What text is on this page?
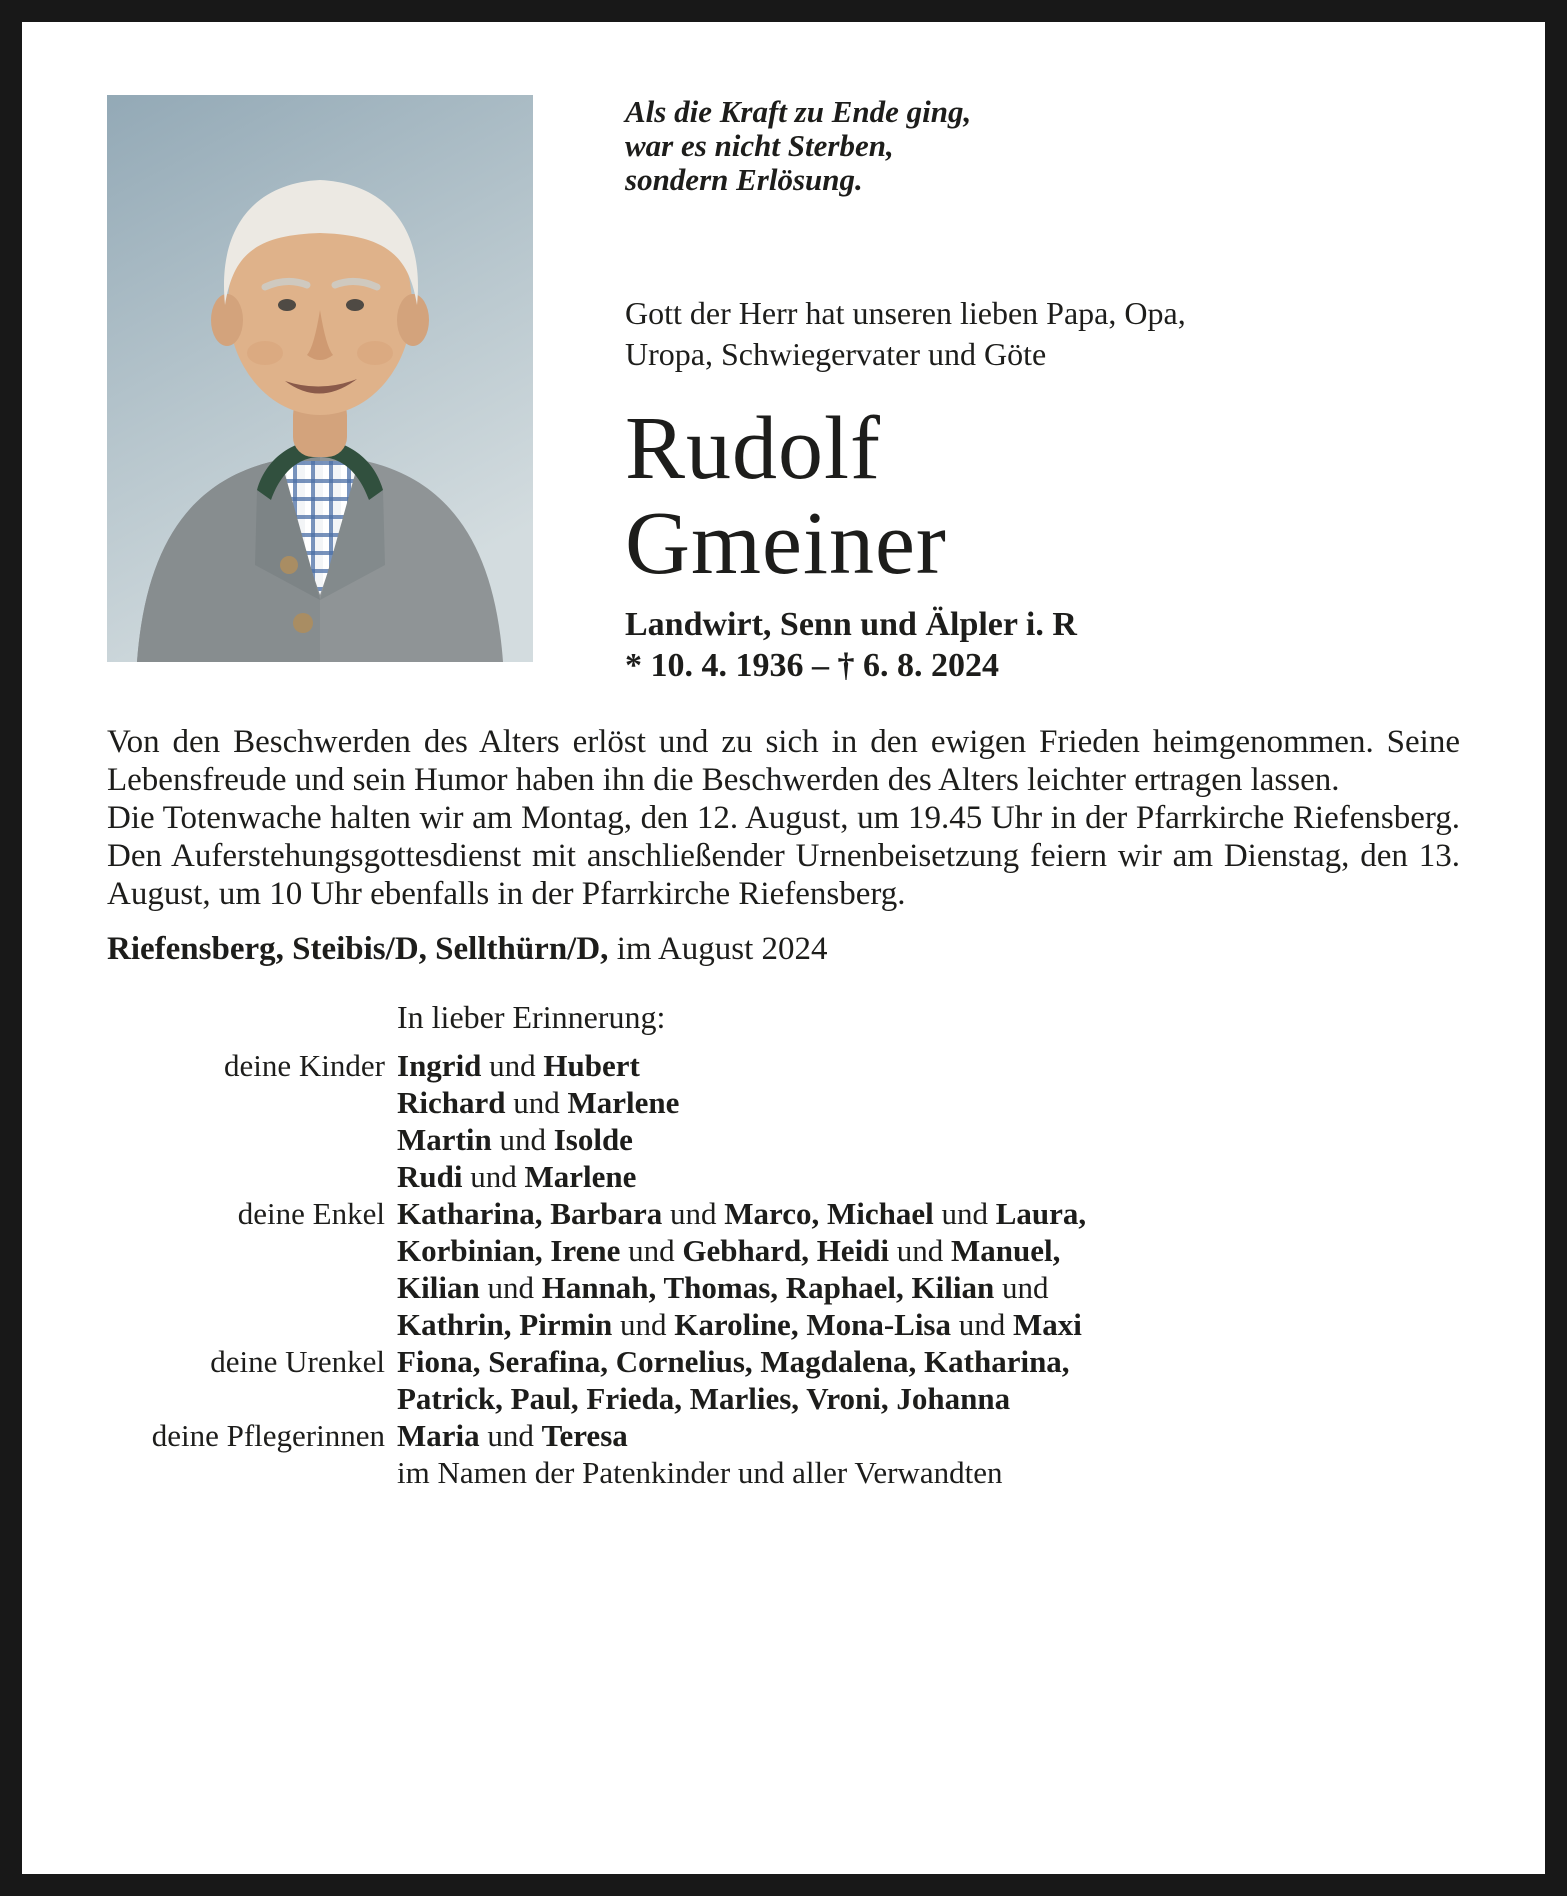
Als die Kraft zu Ende ging,
war es nicht Sterben,
sondern Erlösung.
Gott der Herr hat unseren lieben Papa, Opa, Uropa, Schwiegervater und Göte
Rudolf
Gmeiner
Landwirt, Senn und Älpler i. R
* 10. 4. 1936 – † 6. 8. 2024

Von den Beschwerden des Alters erlöst und zu sich in den ewigen Frieden heimgenommen. Seine Lebensfreude und sein Humor haben ihn die Beschwerden des Alters leichter ertragen lassen.

Die Totenwache halten wir am Montag, den 12. August, um 19.45 Uhr in der Pfarrkirche Riefensberg. Den Auferstehungsgottesdienst mit anschließender Urnenbeisetzung feiern wir am Dienstag, den 13. August, um 10 Uhr ebenfalls in der Pfarrkirche Riefensberg.

Riefensberg, Steibis/D, Sellthürn/D, im August 2024
In lieber Erinnerung:
deine Kinder Ingrid und Hubert
Richard und Marlene
Martin und Isolde
Rudi und Marlene
deine Enkel Katharina, Barbara und Marco, Michael und Laura,
Korbinian, Irene und Gebhard, Heidi und Manuel,
Kilian und Hannah, Thomas, Raphael, Kilian und
Kathrin, Pirmin und Karoline, Mona-Lisa und Maxi
deine Urenkel Fiona, Serafina, Cornelius, Magdalena, Katharina,
Patrick, Paul, Frieda, Marlies, Vroni, Johanna
deine Pflegerinnen Maria und Teresa
im Namen der Patenkinder und aller Verwandten
